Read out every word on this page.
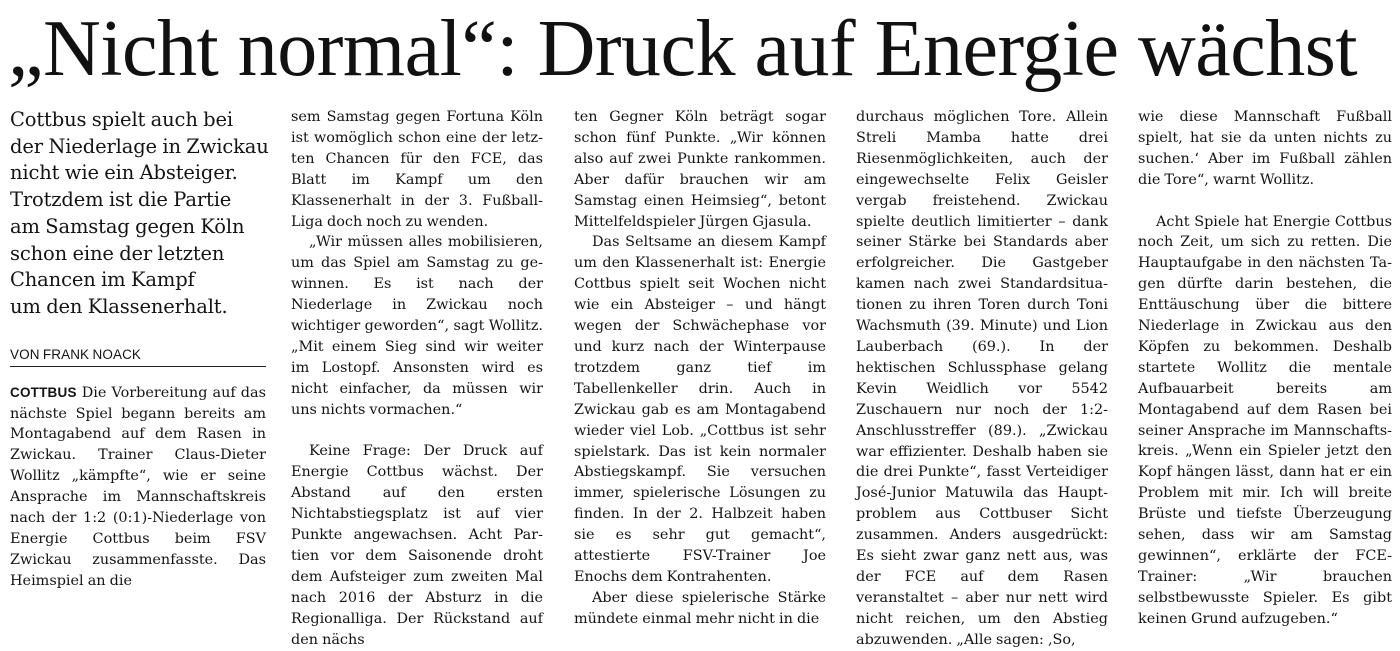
„Nicht normal“: Druck auf Energie wächst

Cottbus spielt auch bei
der Niederlage in Zwickau
nicht wie ein Absteiger.
Trotzdem ist die Partie
am Samstag gegen Köln
schon eine der letzten
Chancen im Kampf
um den Klassenerhalt.

VON FRANK NOACK

COTTBUS Die Vorbereitung auf das nächste Spiel begann bereits am Montagabend auf dem Rasen in Zwickau. Trainer Claus-Dieter Wollitz „kämpfte“, wie er seine Ansprache im Mannschaftskreis nach der 1:2 (0:1)-Niederlage von Energie Cottbus beim FSV Zwickau zusammenfasste. Das Heimspiel an die

sem Samstag gegen Fortuna Köln ist womöglich schon eine der letzten Chancen für den FCE, das Blatt im Kampf um den Klassenerhalt in der 3. Fußball-Liga doch noch zu wenden.

„Wir müssen alles mobilisieren, um das Spiel am Samstag zu gewinnen. Es ist nach der Niederlage in Zwickau noch wichtiger geworden“, sagt Wollitz. „Mit einem Sieg sind wir weiter im Lostopf. Ansonsten wird es nicht einfacher, da müssen wir uns nichts vormachen.“

Keine Frage: Der Druck auf Energie Cottbus wächst. Der Abstand auf den ersten Nichtabstiegsplatz ist auf vier Punkte angewachsen. Acht Partien vor dem Saisonende droht dem Aufsteiger zum zweiten Mal nach 2016 der Absturz in die Regionalliga. Der Rückstand auf den nächs

ten Gegner Köln beträgt sogar schon fünf Punkte. „Wir können also auf zwei Punkte rankommen. Aber dafür brauchen wir am Samstag einen Heimsieg“, betont Mittelfeldspieler Jürgen Gjasula.

Das Seltsame an diesem Kampf um den Klassenerhalt ist: Energie Cottbus spielt seit Wochen nicht wie ein Absteiger – und hängt wegen der Schwächephase vor und kurz nach der Winterpause trotzdem ganz tief im Tabellenkeller drin. Auch in Zwickau gab es am Montagabend wieder viel Lob. „Cottbus ist sehr spielstark. Das ist kein normaler Abstiegskampf. Sie versuchen immer, spielerische Lösungen zu finden. In der 2. Halbzeit haben sie es sehr gut gemacht“, attestierte FSV-Trainer Joe Enochs dem Kontrahenten.

Aber diese spielerische Stärke mündete einmal mehr nicht in die

durchaus möglichen Tore. Allein Streli Mamba hatte drei Riesenmöglichkeiten, auch der eingewechselte Felix Geisler vergab freistehend. Zwickau spielte deutlich limitierter – dank seiner Stärke bei Standards aber erfolgreicher. Die Gastgeber kamen nach zwei Standardsituationen zu ihren Toren durch Toni Wachsmuth (39. Minute) und Lion Lauberbach (69.). In der hektischen Schlussphase gelang Kevin Weidlich vor 5542 Zuschauern nur noch der 1:2-Anschlusstreffer (89.). „Zwickau war effizienter. Deshalb haben sie die drei Punkte“, fasst Verteidiger José-Junior Matuwila das Hauptproblem aus Cottbuser Sicht zusammen. Anders ausgedrückt: Es sieht zwar ganz nett aus, was der FCE auf dem Rasen veranstaltet – aber nur nett wird nicht reichen, um den Abstieg abzuwenden. „Alle sagen: ‚So,

wie diese Mannschaft Fußball spielt, hat sie da unten nichts zu suchen.‘ Aber im Fußball zählen die Tore“, warnt Wollitz.

Acht Spiele hat Energie Cottbus noch Zeit, um sich zu retten. Die Hauptaufgabe in den nächsten Tagen dürfte darin bestehen, die Enttäuschung über die bittere Niederlage in Zwickau aus den Köpfen zu bekommen. Deshalb startete Wollitz die mentale Aufbauarbeit bereits am Montagabend auf dem Rasen bei seiner Ansprache im Mannschaftskreis. „Wenn ein Spieler jetzt den Kopf hängen lässt, dann hat er ein Problem mit mir. Ich will breite Brüste und tiefste Überzeugung sehen, dass wir am Samstag gewinnen“, erklärte der FCE-Trainer: „Wir brauchen selbstbewusste Spieler. Es gibt keinen Grund aufzugeben.“
